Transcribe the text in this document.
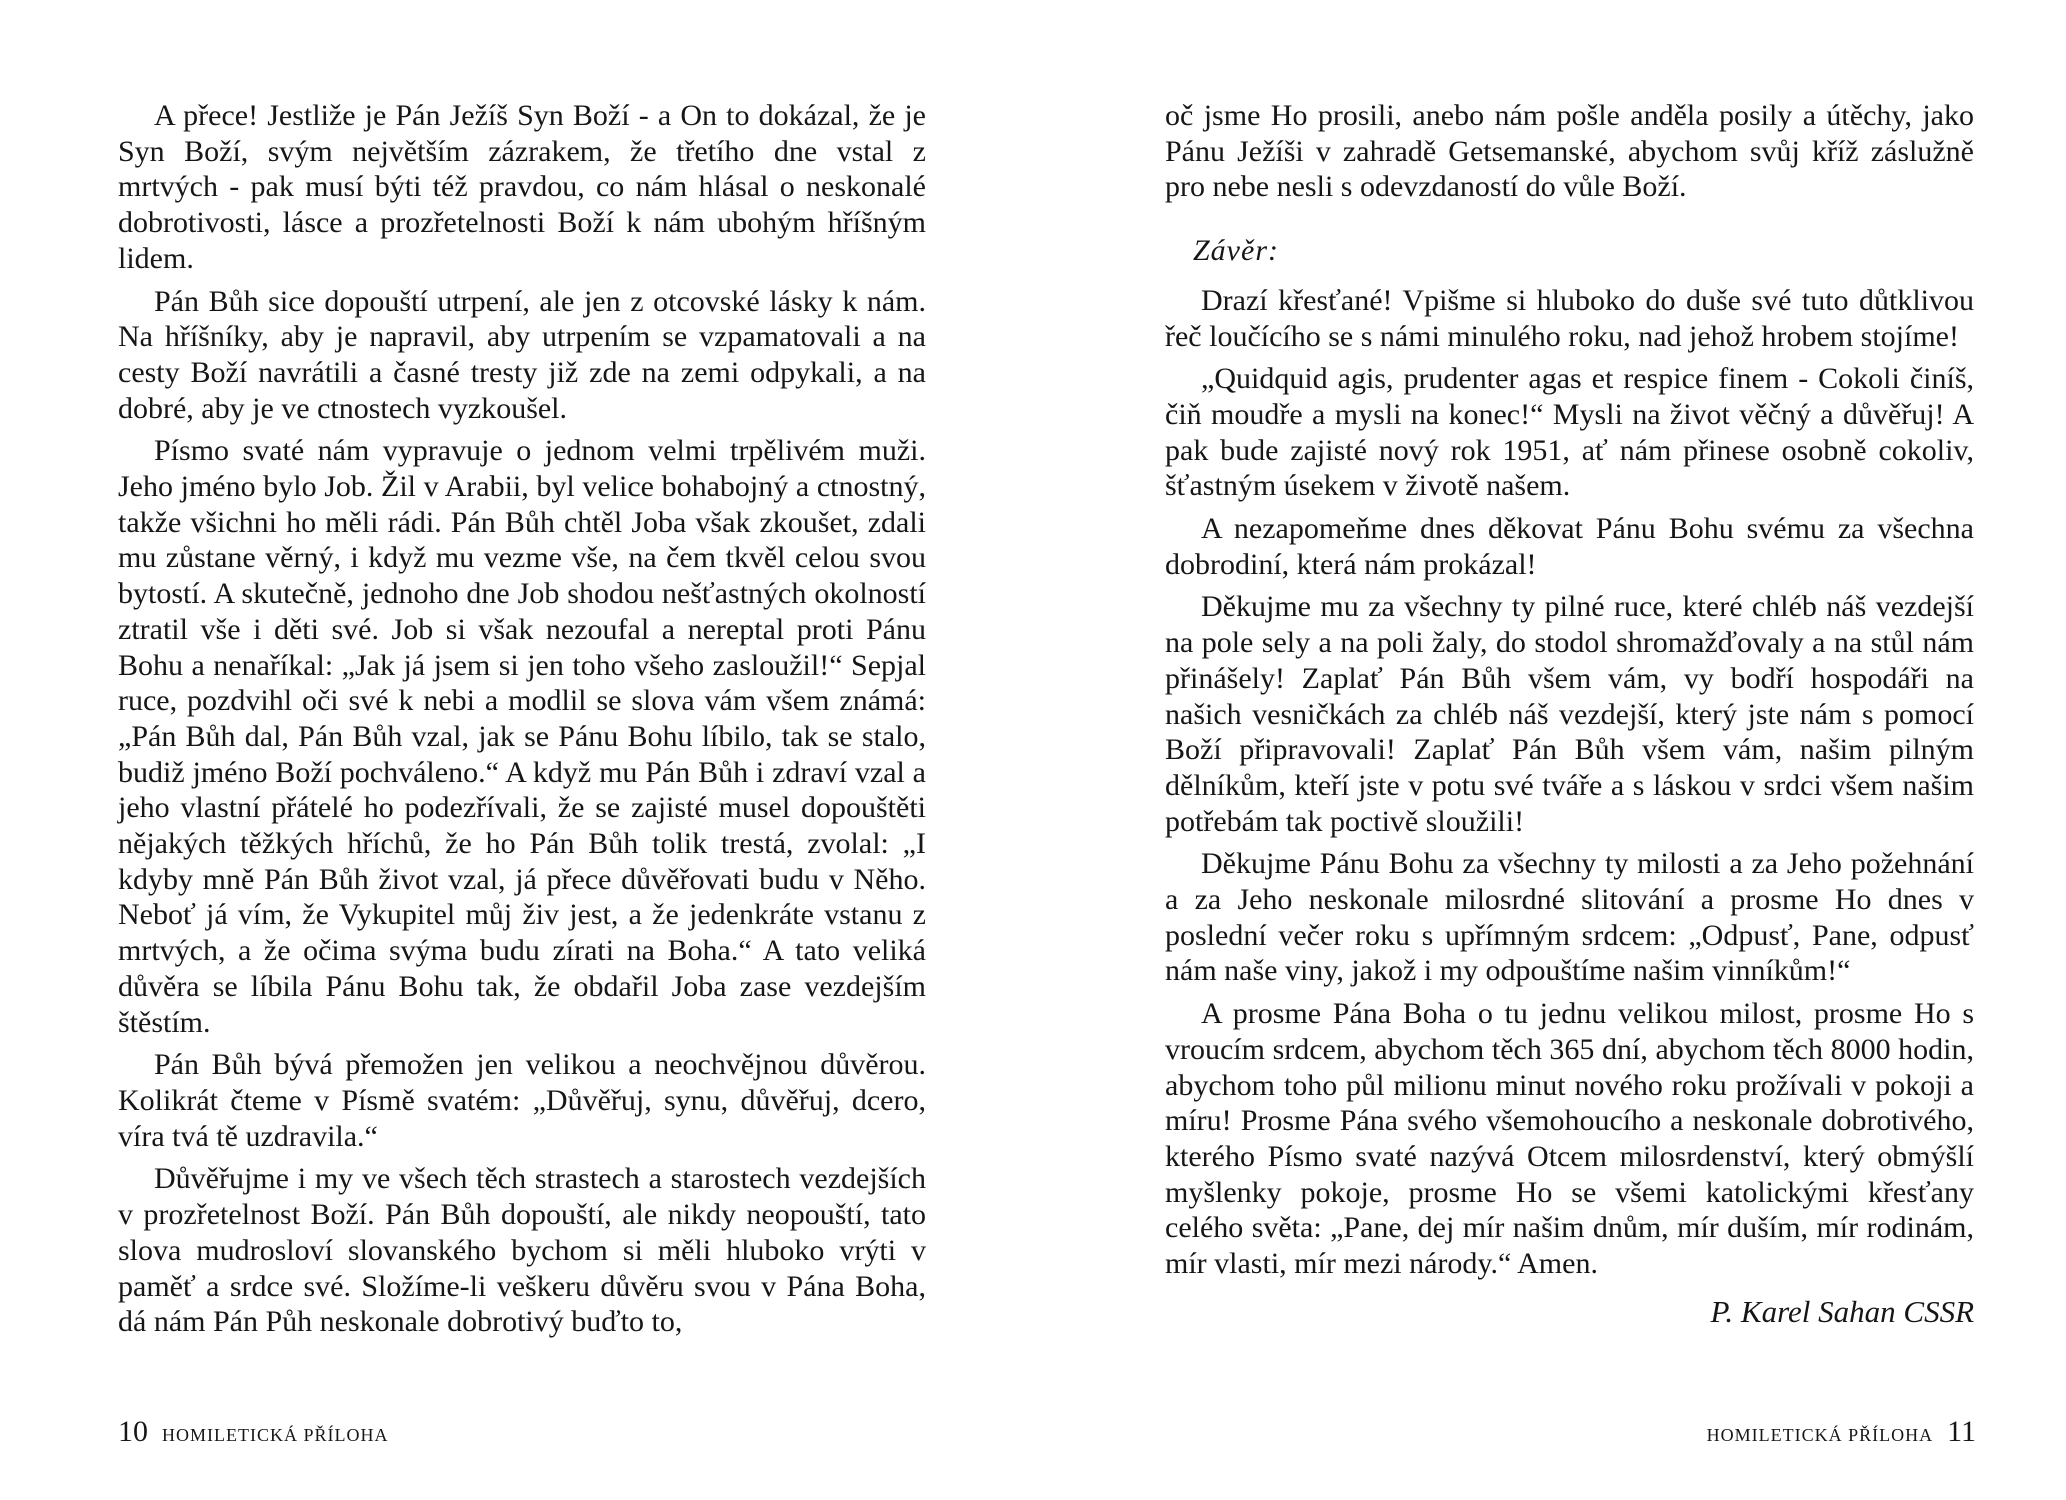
A přece! Jestliže je Pán Ježíš Syn Boží - a On to dokázal, že je Syn Boží, svým největším zázrakem, že třetího dne vstal z mrtvých - pak musí býti též pravdou, co nám hlásal o neskonalé dobrotivosti, lásce a prozřetelnosti Boží k nám ubohým hříšným lidem.

Pán Bůh sice dopouští utrpení, ale jen z otcovské lásky k nám. Na hříšníky, aby je napravil, aby utrpením se vzpamatovali a na cesty Boží navrátili a časné tresty již zde na zemi odpykali, a na dobré, aby je ve ctnostech vyzkoušel.

Písmo svaté nám vypravuje o jednom velmi trpělivém muži. Jeho jméno bylo Job. Žil v Arabii, byl velice bohabojný a ctnostný, takže všichni ho měli rádi. Pán Bůh chtěl Joba však zkoušet, zdali mu zůstane věrný, i když mu vezme vše, na čem tkvěl celou svou bytostí. A skutečně, jednoho dne Job shodou nešťastných okolností ztratil vše i děti své. Job si však nezoufal a nereptal proti Pánu Bohu a nenaříkal: „Jak já jsem si jen toho všeho zasloužil!“ Sepjal ruce, pozdvihl oči své k nebi a modlil se slova vám všem známá: „Pán Bůh dal, Pán Bůh vzal, jak se Pánu Bohu líbilo, tak se stalo, budiž jméno Boží pochváleno.“ A když mu Pán Bůh i zdraví vzal a jeho vlastní přátelé ho podezřívali, že se zajisté musel dopouštěti nějakých těžkých hříchů, že ho Pán Bůh tolik trestá, zvolal: „I kdyby mně Pán Bůh život vzal, já přece důvěřovati budu v Něho. Neboť já vím, že Vykupitel můj živ jest, a že jedenkráte vstanu z mrtvých, a že očima svýma budu zírati na Boha.“ A tato veliká důvěra se líbila Pánu Bohu tak, že obdařil Joba zase vezdejším štěstím.

Pán Bůh bývá přemožen jen velikou a neochvějnou důvěrou. Kolikrát čteme v Písmě svatém: „Důvěřuj, synu, důvěřuj, dcero, víra tvá tě uzdravila.“

Důvěřujme i my ve všech těch strastech a starostech vezdejších v prozřetelnost Boží. Pán Bůh dopouští, ale nikdy neopouští, tato slova mudrosloví slovanského bychom si měli hluboko vrýti v paměť a srdce své. Složíme-li veškeru důvěru svou v Pána Boha, dá nám Pán Půh neskonale dobrotivý buďto to,

10 HOMILETICKÁ PŘÍLOHA

oč jsme Ho prosili, anebo nám pošle anděla posily a útěchy, jako Pánu Ježíši v zahradě Getsemanské, abychom svůj kříž záslužně pro nebe nesli s odevzdaností do vůle Boží.

Závěr:

Drazí křesťané! Vpišme si hluboko do duše své tuto důtklivou řeč loučícího se s námi minulého roku, nad jehož hrobem stojíme!

„Quidquid agis, prudenter agas et respice finem - Cokoli činíš, čiň moudře a mysli na konec!“ Mysli na život věčný a důvěřuj! A pak bude zajisté nový rok 1951, ať nám přinese osobně cokoliv, šťastným úsekem v životě našem.

A nezapomeňme dnes děkovat Pánu Bohu svému za všechna dobrodiní, která nám prokázal!

Děkujme mu za všechny ty pilné ruce, které chléb náš vezdejší na pole sely a na poli žaly, do stodol shromažďovaly a na stůl nám přinášely! Zaplať Pán Bůh všem vám, vy bodří hospodáři na našich vesničkách za chléb náš vezdejší, který jste nám s pomocí Boží připravovali! Zaplať Pán Bůh všem vám, našim pilným dělníkům, kteří jste v potu své tváře a s láskou v srdci všem našim potřebám tak poctivě sloužili!

Děkujme Pánu Bohu za všechny ty milosti a za Jeho požehnání a za Jeho neskonale milosrdné slitování a prosme Ho dnes v poslední večer roku s upřímným srdcem: „Odpusť, Pane, odpusť nám naše viny, jakož i my odpouštíme našim vinníkům!“

A prosme Pána Boha o tu jednu velikou milost, prosme Ho s vroucím srdcem, abychom těch 365 dní, abychom těch 8000 hodin, abychom toho půl milionu minut nového roku prožívali v pokoji a míru! Prosme Pána svého všemohoucího a neskonale dobrotivého, kterého Písmo svaté nazývá Otcem milosrdenství, který obmýšlí myšlenky pokoje, prosme Ho se všemi katolickými křesťany celého světa: „Pane, dej mír našim dnům, mír duším, mír rodinám, mír vlasti, mír mezi národy.“ Amen.

P. Karel Sahan CSSR
HOMILETICKÁ PŘÍLOHA 11
